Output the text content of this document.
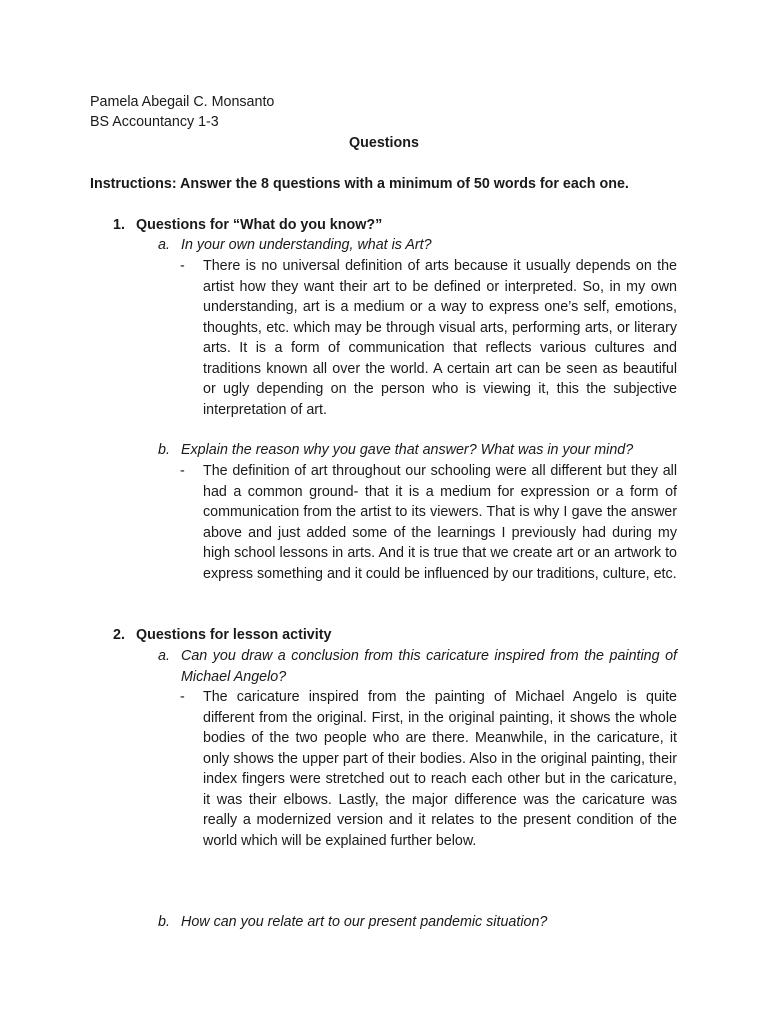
Pamela Abegail C. Monsanto
BS Accountancy 1-3
Questions
Instructions: Answer the 8 questions with a minimum of 50 words for each one.
1. Questions for “What do you know?”
a. In your own understanding, what is Art?
- There is no universal definition of arts because it usually depends on the artist how they want their art to be defined or interpreted. So, in my own understanding, art is a medium or a way to express one’s self, emotions, thoughts, etc. which may be through visual arts, performing arts, or literary arts. It is a form of communication that reflects various cultures and traditions known all over the world. A certain art can be seen as beautiful or ugly depending on the person who is viewing it, this the subjective interpretation of art.
b. Explain the reason why you gave that answer? What was in your mind?
- The definition of art throughout our schooling were all different but they all had a common ground- that it is a medium for expression or a form of communication from the artist to its viewers. That is why I gave the answer above and just added some of the learnings I previously had during my high school lessons in arts. And it is true that we create art or an artwork to express something and it could be influenced by our traditions, culture, etc.
2. Questions for lesson activity
a. Can you draw a conclusion from this caricature inspired from the painting of Michael Angelo?
- The caricature inspired from the painting of Michael Angelo is quite different from the original. First, in the original painting, it shows the whole bodies of the two people who are there. Meanwhile, in the caricature, it only shows the upper part of their bodies. Also in the original painting, their index fingers were stretched out to reach each other but in the caricature, it was their elbows. Lastly, the major difference was the caricature was really a modernized version and it relates to the present condition of the world which will be explained further below.
b. How can you relate art to our present pandemic situation?
